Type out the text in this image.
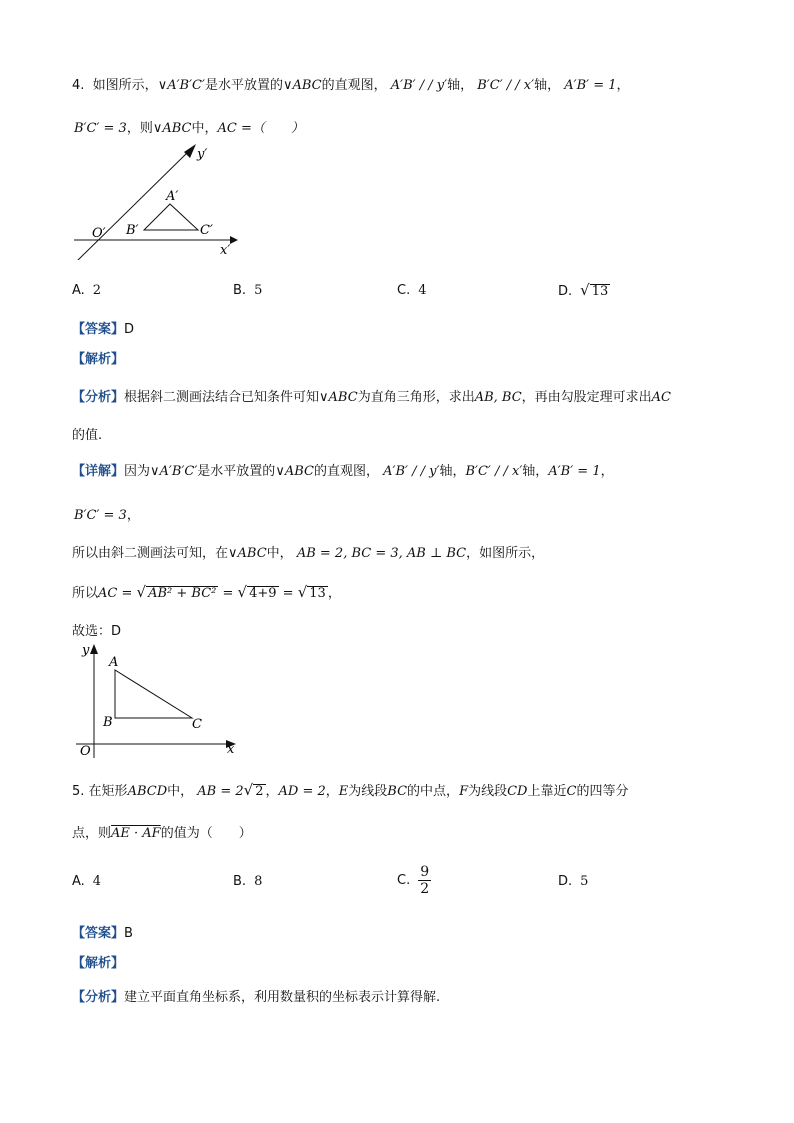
4. 如图所示，∨A′B′C′是水平放置的∨ABC的直观图， A′B′ / / y′轴， B′C′ / / x′轴， A′B′ = 1，
B′C′ = 3，则∨ABC中，AC =（　　）
O′ B′
A′
C′
x′
y′
A. 2	B. 5	C. 4	D. √ 13
【答案】D
【解析】
【分析】根据斜二测画法结合已知条件可知∨ABC为直角三角形，求出AB, BC，再由勾股定理可求出AC
的值.
【详解】因为∨A′B′C′是水平放置的∨ABC的直观图， A′B′ / / y′轴，B′C′ / / x′轴，A′B′ = 1，
B′C′ = 3，
所以由斜二测画法可知，在∨ABC中， AB = 2, BC = 3, AB ⊥ BC，如图所示，
所以AC = √ AB² + BC² = √ 4+9 = √ 13 ，
故选：D
y
A
B	C
O	x
5. 在矩形ABCD中， AB = 2√ 2 ，AD = 2，E为线段BC的中点，F为线段CD上靠近C的四等分
点，则AE · AF的值为（　　）
A. 4	B. 8	C. $\frac{9}{2}$	D. 5
【答案】B
【解析】
【分析】建立平面直角坐标系，利用数量积的坐标表示计算得解.
